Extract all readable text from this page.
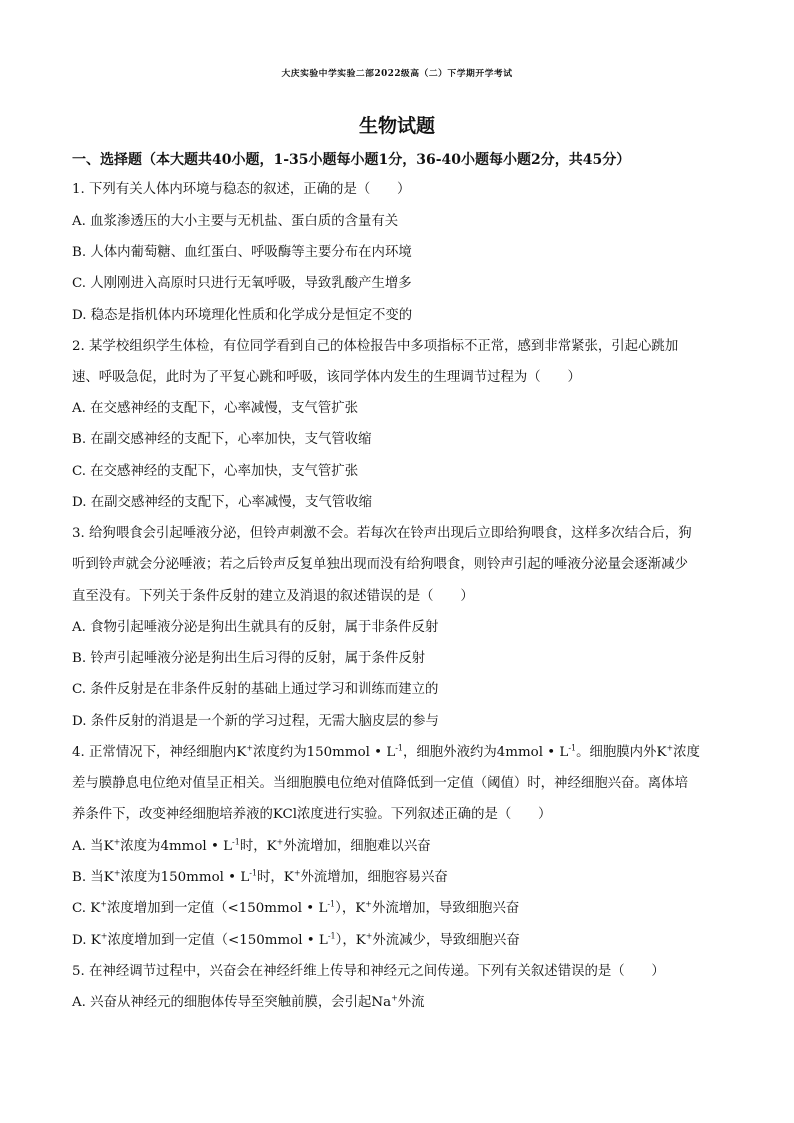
大庆实验中学实验二部2022级高（二）下学期开学考试
生物试题
一、选择题（本大题共40小题，1-35小题每小题1分，36-40小题每小题2分，共45分）
1. 下列有关人体内环境与稳态的叙述，正确的是（　　）
A. 血浆渗透压的大小主要与无机盐、蛋白质的含量有关
B. 人体内葡萄糖、血红蛋白、呼吸酶等主要分布在内环境
C. 人刚刚进入高原时只进行无氧呼吸，导致乳酸产生增多
D. 稳态是指机体内环境理化性质和化学成分是恒定不变的
2. 某学校组织学生体检，有位同学看到自己的体检报告中多项指标不正常，感到非常紧张，引起心跳加
速、呼吸急促，此时为了平复心跳和呼吸，该同学体内发生的生理调节过程为（　　）
A. 在交感神经的支配下，心率减慢，支气管扩张
B. 在副交感神经的支配下，心率加快，支气管收缩
C. 在交感神经的支配下，心率加快，支气管扩张
D. 在副交感神经的支配下，心率减慢，支气管收缩
3. 给狗喂食会引起唾液分泌，但铃声刺激不会。若每次在铃声出现后立即给狗喂食，这样多次结合后，狗
听到铃声就会分泌唾液；若之后铃声反复单独出现而没有给狗喂食，则铃声引起的唾液分泌量会逐渐减少
直至没有。下列关于条件反射的建立及消退的叙述错误的是（　　）
A. 食物引起唾液分泌是狗出生就具有的反射，属于非条件反射
B. 铃声引起唾液分泌是狗出生后习得的反射，属于条件反射
C. 条件反射是在非条件反射的基础上通过学习和训练而建立的
D. 条件反射的消退是一个新的学习过程，无需大脑皮层的参与
4. 正常情况下，神经细胞内K+浓度约为150mmol • $L^{-1}$，细胞外液约为4mmol • $L^{-1}$。细胞膜内外K+浓度
差与膜静息电位绝对值呈正相关。当细胞膜电位绝对值降低到一定值（阈值）时，神经细胞兴奋。离体培
养条件下，改变神经细胞培养液的KCl浓度进行实验。下列叙述正确的是（　　）
A. 当K+浓度为4mmol • $L^{-1}$时，K+外流增加，细胞难以兴奋
B. 当K+浓度为150mmol • $L^{-1}$时，K+外流增加，细胞容易兴奋
C. K+浓度增加到一定值（<150mmol • $L^{-1}$），K+外流增加，导致细胞兴奋
D. K+浓度增加到一定值（<150mmol • $L^{-1}$），K+外流减少，导致细胞兴奋
5. 在神经调节过程中，兴奋会在神经纤维上传导和神经元之间传递。下列有关叙述错误的是（　　）
A. 兴奋从神经元的细胞体传导至突触前膜，会引起Na+外流
